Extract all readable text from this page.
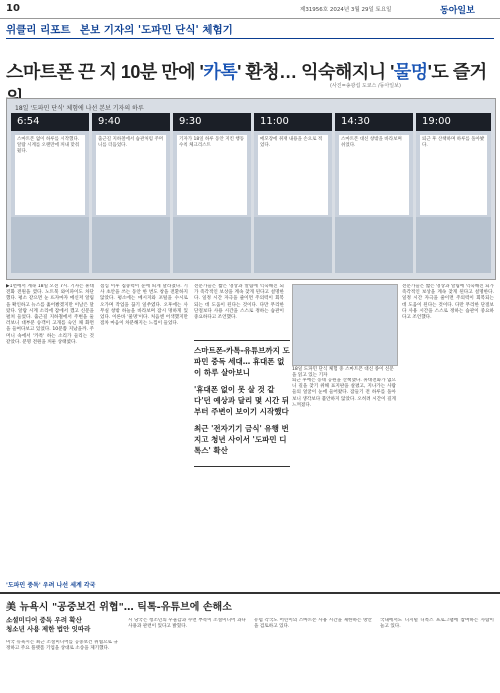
10	제31956호 2024년 3월 29일 토요일	동아일보
위클리 리포트 본보 기자의 '도파민 단식' 체험기
스마트폰 끈 지 10분 만에 '카톡' 환청… 익숙해지니 '물멍'도 즐거
(사진=송광섭 도쿄스 /동아일보)
18일 '도파민 단식' 체험에 나선 본보 기자의 하루
6:54
스마트폰 없이 하루를 시작했다. 알람 시계를 오랜만에 꺼내 맞춰뒀다.
9:40
출근길 지하철에서 습관처럼 주머니를 더듬었다.
9:30
기자가 18일 하루 동안 지킨 행동 수칙 체크리스트
11:00
메모장에 취재 내용을 손으로 적었다.
14:30
스마트폰 대신 창밖을 바라보며 쉬었다.
19:00
퇴근 후 산책하며 하루를 돌아봤다.
▶1면에서 계속 18일 오전 7시. 기자는 휴대전화 전원을 껐다. 노트북 와이파이도 차단했다. 평소 같으면 눈 뜨자마자 메신저 알림을 확인하고 뉴스를 훑어봤겠지만 이날은 달랐다. 알람 시계 소리에 잠에서 깼고 신문을 펼쳐 들었다. 출근길 지하철에서 주변을 둘러보니 대부분 승객이 고개를 숙인 채 화면을 들여다보고 있었다. 10분쯤 지났을까. 주머니 속에서 '카톡' 하는 소리가 들리는 것 같았다. 분명 전원을 꺼둔 상태였다.
점심 이후 집중력이 눈에 띄게 달라졌다. 기사 초안을 쓰는 동안 한 번도 창을 전환하지 않았다. 평소에는 메시지와 포털을 수시로 오가며 작업을 끊기 일쑤였다. 오후에는 사무실 창밖 하늘을 바라보며 잠시 멍하게 있었다. 이른바 '물멍'이다. 처음엔 어색했지만 점차 마음이 차분해지는 느낌이 들었다.
전문가들은 짧은 영상과 알림에 익숙해진 뇌가 즉각적인 보상을 계속 찾게 된다고 설명한다. 일정 시간 자극을 줄이면 주의력이 회복되는 데 도움이 된다는 것이다. 다만 무리한 단절보다 사용 시간을 스스로 정하는 습관이 중요하다고 조언했다.
스마트폰-카톡-유튜브까지 도파민 중독 세대… 휴대폰 없이 하루 살아보니
'휴대폰 없이 못 살 것 같다'던 예상과 달리 몇 시간 뒤부터 주변이 보이기 시작했다
최근 '전자기기 금식' 유행 번지고 청년 사이서 '도파민 디톡스' 확산
18일 도파민 단식 체험 중 스마트폰 대신 종이 신문을 읽고 있는 기자
퇴근 후에는 동네 공원을 산책했다. 휴대전화가 없으니 길을 찾기 위해 표지판을 살폈고, 지나가는 사람들의 얼굴이 눈에 들어왔다. 잠들기 전 하루를 돌아보니 생각보다 불안하지 않았다. 오히려 시간이 길게 느껴졌다.
전문가들은 짧은 영상과 알림에 익숙해진 뇌가 즉각적인 보상을 계속 찾게 된다고 설명한다. 일정 시간 자극을 줄이면 주의력이 회복되는 데 도움이 된다는 것이다. 다만 무리한 단절보다 사용 시간을 스스로 정하는 습관이 중요하다고 조언했다.
'도파민 중독' 우려 나선 세계 각국
美 뉴욕시 "공중보건 위협"… 틱톡-유튜브에 손해소
소셜미디어 중독 우려 확산
청소년 사용 제한 법안 잇따라
미국 뉴욕시는 최근 소셜미디어를 공중보건 위협으로 규정하고 주요 플랫폼 기업을 상대로 소송을 제기했다.
시 당국은 청소년의 우울감과 수면 부족이 소셜미디어 과다 사용과 관련이 있다고 밝혔다.
유럽 각국도 어린이의 스마트폰 사용 시간을 제한하는 방안을 검토하고 있다.
국내에서도 디지털 디톡스 프로그램에 참여하는 사람이 늘고 있다.
